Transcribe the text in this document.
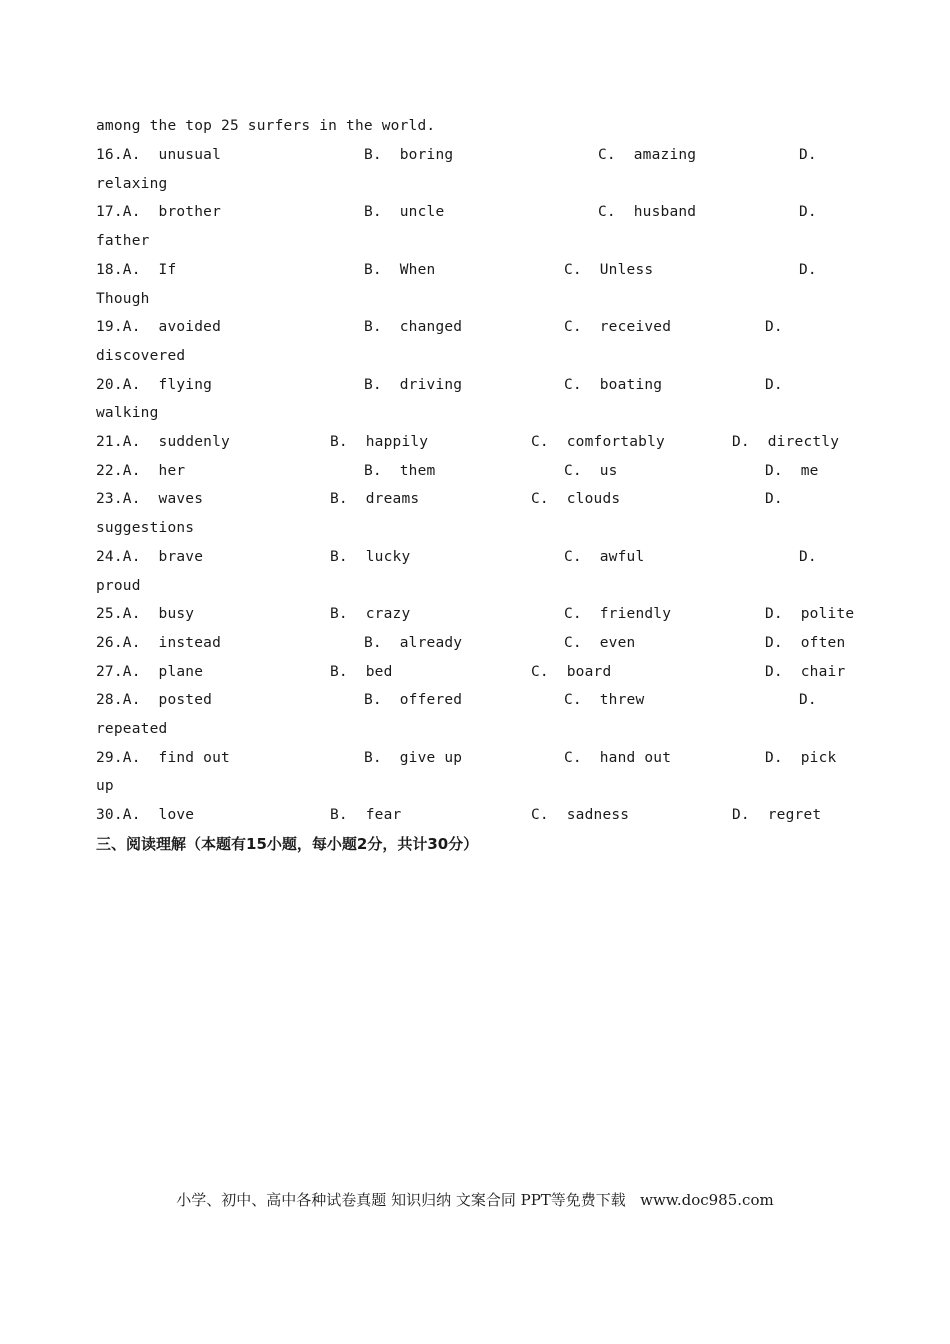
among the top 25 surfers in the world.
16.A.  unusual	B.  boring	C.  amazing	D.
relaxing
17.A.  brother	B.  uncle	C.  husband	D.
father
18.A.  If	B.  When	C.  Unless	D.
Though
19.A.  avoided	B.  changed	C.  received	D.
discovered
20.A.  flying	B.  driving	C.  boating	D.
walking
21.A.  suddenly	B.  happily	C.  comfortably	D.  directly
22.A.  her	B.  them	C.  us	D.  me
23.A.  waves	B.  dreams	C.  clouds	D.
suggestions
24.A.  brave	B.  lucky	C.  awful	D.
proud
25.A.  busy	B.  crazy	C.  friendly	D.  polite
26.A.  instead	B.  already	C.  even	D.  often
27.A.  plane	B.  bed	C.  board	D.  chair
28.A.  posted	B.  offered	C.  threw	D.
repeated
29.A.  find out	B.  give up	C.  hand out	D.  pick
up
30.A.  love	B.  fear	C.  sadness	D.  regret
三、阅读理解（本题有15小题，每小题2分，共计30分）
小学、初中、高中各种试卷真题 知识归纳 文案合同 PPT等免费下载   www.doc985.com
